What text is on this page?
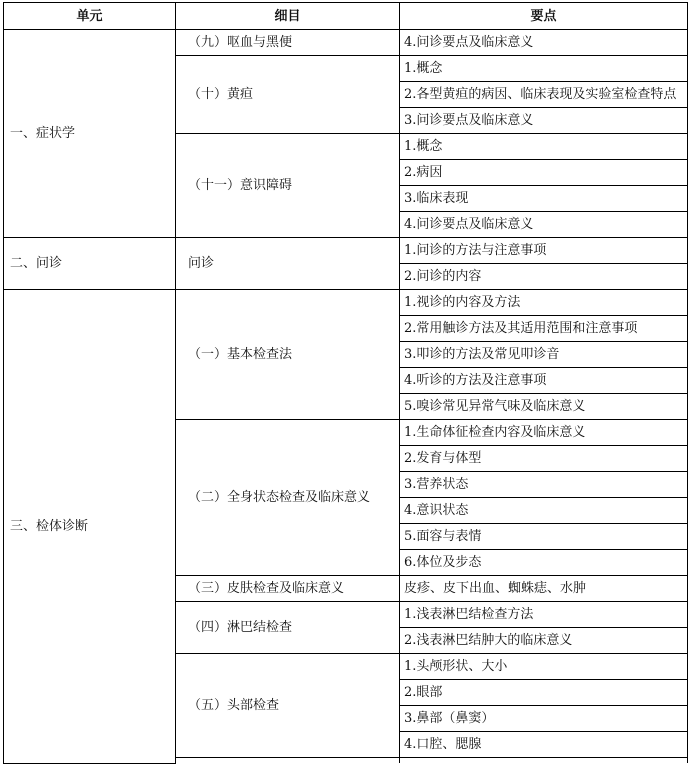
单元	细目	要点
一、症状学	（九）呕血与黑便	4.问诊要点及临床意义
	（十）黄疸	1.概念
		2.各型黄疸的病因、临床表现及实验室检查特点
		3.问诊要点及临床意义
	（十一）意识障碍	1.概念
		2.病因
		3.临床表现
		4.问诊要点及临床意义
二、问诊	问诊	1.问诊的方法与注意事项
		2.问诊的内容
三、检体诊断	（一）基本检查法	1.视诊的内容及方法
		2.常用触诊方法及其适用范围和注意事项
		3.叩诊的方法及常见叩诊音
		4.听诊的方法及注意事项
		5.嗅诊常见异常气味及临床意义
	（二）全身状态检查及临床意义	1.生命体征检查内容及临床意义
		2.发育与体型
		3.营养状态
		4.意识状态
		5.面容与表情
		6.体位及步态
	（三）皮肤检查及临床意义	皮疹、皮下出血、蜘蛛痣、水肿
	（四）淋巴结检查	1.浅表淋巴结检查方法
		2.浅表淋巴结肿大的临床意义
	（五）头部检查	1.头颅形状、大小
		2.眼部
		3.鼻部（鼻窦）
		4.口腔、腮腺
